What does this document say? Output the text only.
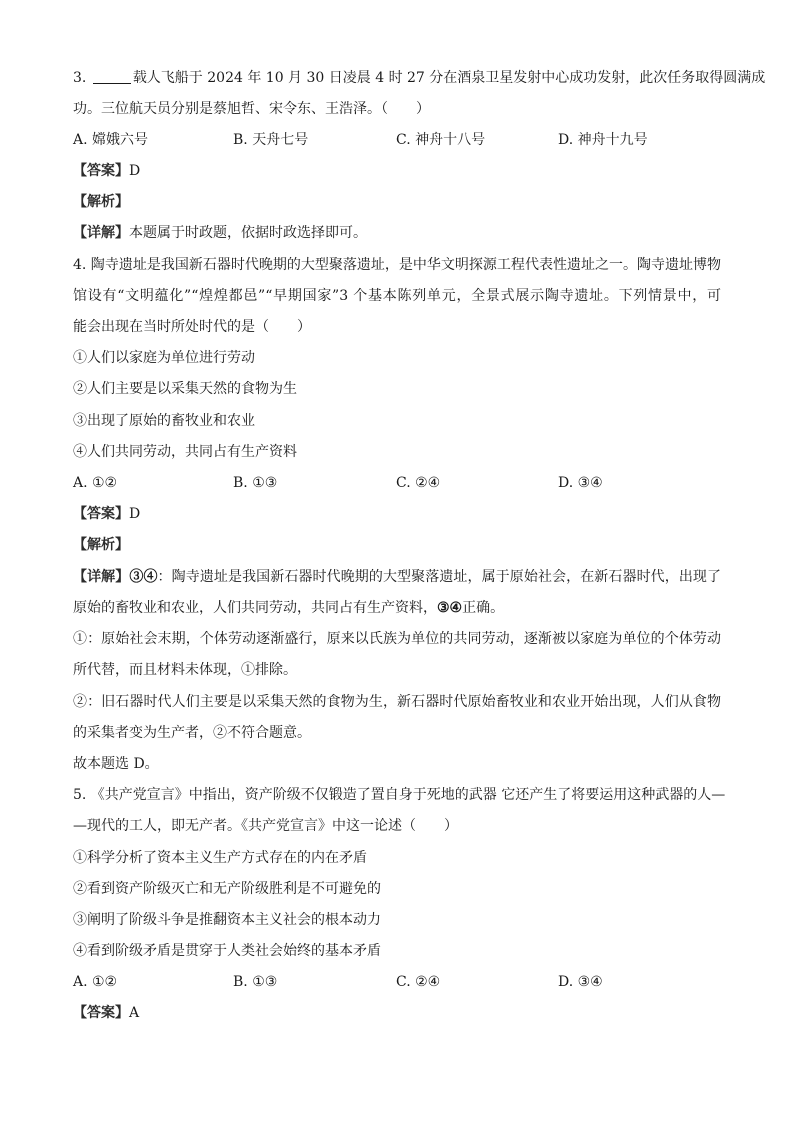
3.	载人飞船于 2024 年 10 月 30 日凌晨 4 时 27 分在酒泉卫星发射中心成功发射，此次任务取得圆满成
功。三位航天员分别是蔡旭哲、宋令东、王浩泽。（　　）
A. 嫦娥六号	B. 天舟七号	C. 神舟十八号	D. 神舟十九号
【答案】D
【解析】
【详解】本题属于时政题，依据时政选择即可。
4. 陶寺遗址是我国新石器时代晚期的大型聚落遗址，是中华文明探源工程代表性遗址之一。陶寺遗址博物
馆设有“文明蕴化”“煌煌都邑”“早期国家”3 个基本陈列单元，全景式展示陶寺遗址。下列情景中，可
能会出现在当时所处时代的是（　　）
①人们以家庭为单位进行劳动
②人们主要是以采集天然的食物为生
③出现了原始的畜牧业和农业
④人们共同劳动，共同占有生产资料
A. ①②	B. ①③	C. ②④	D. ③④
【答案】D
【解析】
【详解】③④：陶寺遗址是我国新石器时代晚期的大型聚落遗址，属于原始社会，在新石器时代，出现了
原始的畜牧业和农业，人们共同劳动，共同占有生产资料，③④正确。
①：原始社会末期，个体劳动逐渐盛行，原来以氏族为单位的共同劳动，逐渐被以家庭为单位的个体劳动
所代替，而且材料未体现，①排除。
②：旧石器时代人们主要是以采集天然的食物为生，新石器时代原始畜牧业和农业开始出现，人们从食物
的采集者变为生产者，②不符合题意。
故本题选 D。
5. 《共产党宣言》中指出，资产阶级不仅锻造了置自身于死地的武器 它还产生了将要运用这种武器的人—
—现代的工人，即无产者。《共产党宣言》中这一论述（　　）
①科学分析了资本主义生产方式存在的内在矛盾
②看到资产阶级灭亡和无产阶级胜利是不可避免的
③阐明了阶级斗争是推翻资本主义社会的根本动力
④看到阶级矛盾是贯穿于人类社会始终的基本矛盾
A. ①②	B. ①③	C. ②④	D. ③④
【答案】A
